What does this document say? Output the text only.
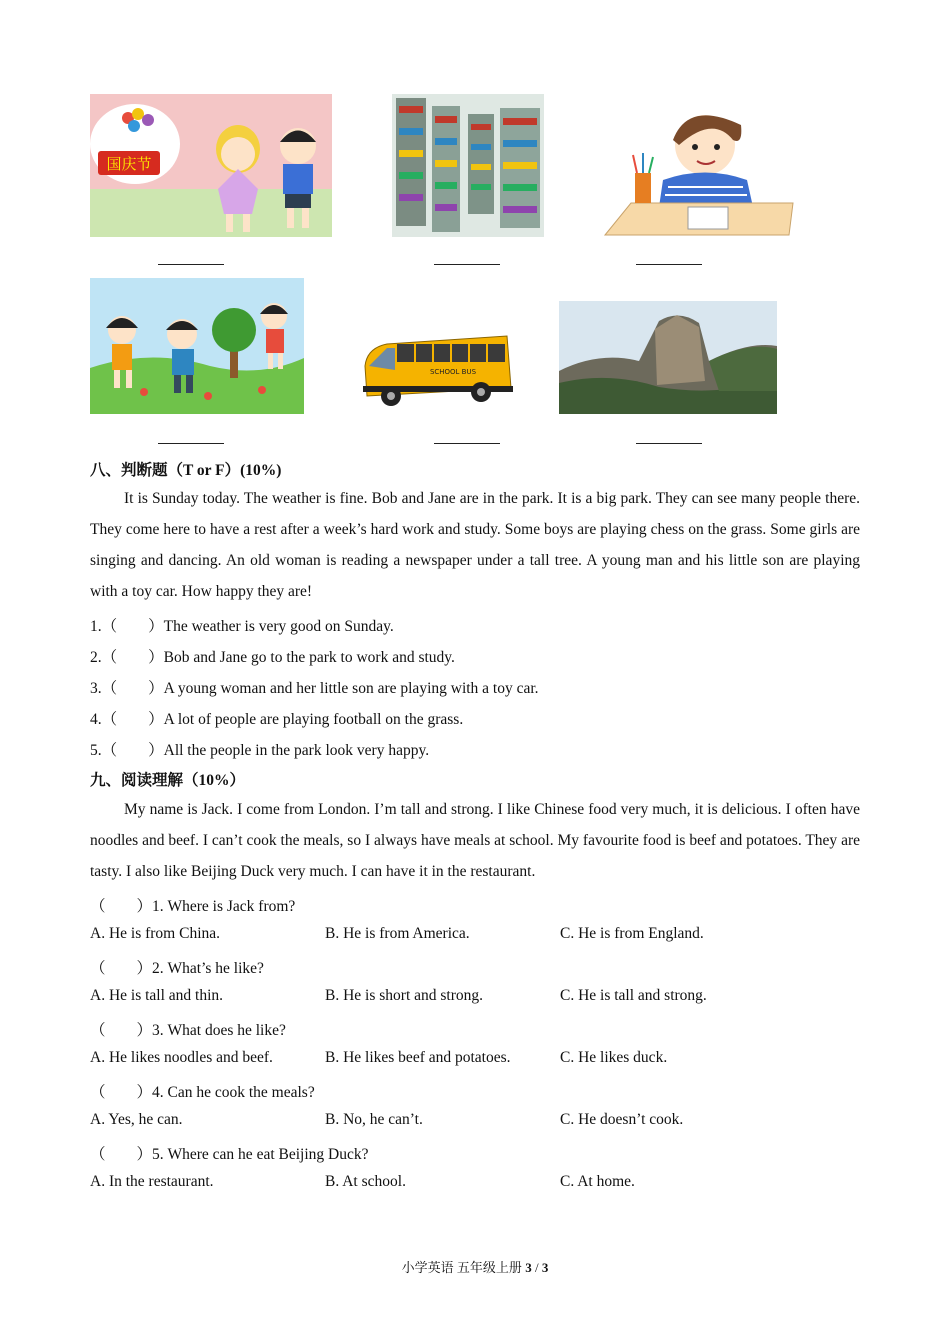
国庆节
SCHOOL BUS
八、判断题（T or F）(10%)
It is Sunday today. The weather is fine. Bob and Jane are in the park. It is a big park. They can see many people there. They come here to have a rest after a week’s hard work and study. Some boys are playing chess on the grass. Some girls are singing and dancing. An old woman is reading a newspaper under a tall tree. A young man and his little son are playing with a toy car. How happy they are!
1.（　　）The weather is very good on Sunday.
2.（　　）Bob and Jane go to the park to work and study.
3.（　　）A young woman and her little son are playing with a toy car.
4.（　　）A lot of people are playing football on the grass.
5.（　　）All the people in the park look very happy.
九、阅读理解（10%）
My name is Jack. I come from London. I’m tall and strong. I like Chinese food very much, it is delicious. I often have noodles and beef. I can’t cook the meals, so I always have meals at school. My favourite food is beef and potatoes. They are tasty. I also like Beijing Duck very much. I can have it in the restaurant.
（　　）1. Where is Jack from?
A. He is from China.	B. He is from America.	C. He is from England.
（　　）2. What’s he like?
A. He is tall and thin.	B. He is short and strong.	C. He is tall and strong.
（　　）3. What does he like?
A. He likes noodles and beef.	B. He likes beef and potatoes.	C. He likes duck.
（　　）4. Can he cook the meals?
A. Yes, he can.	B. No, he can’t.	C. He doesn’t cook.
（　　）5. Where can he eat Beijing Duck?
A. In the restaurant.	B. At school.	C. At home.
小学英语 五年级上册 3 / 3
